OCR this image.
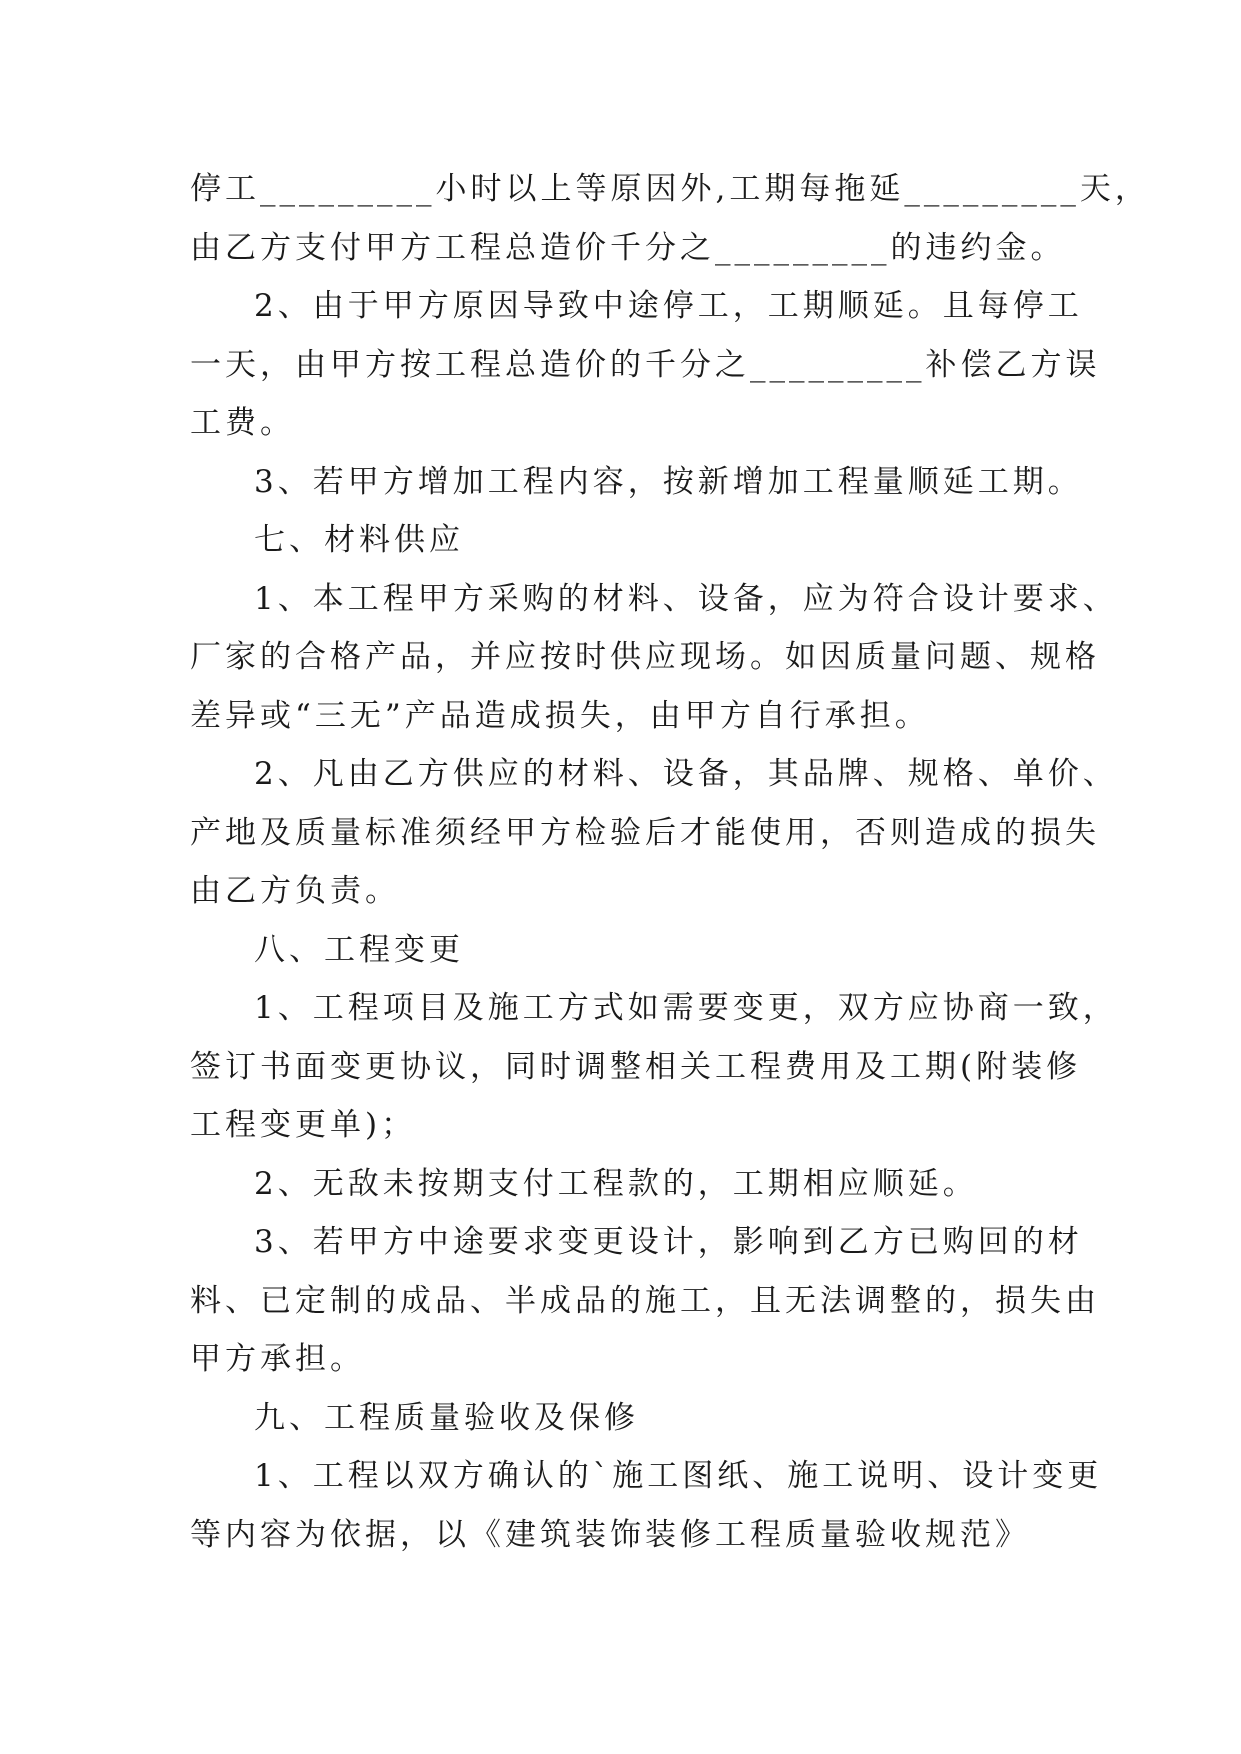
停工_________小时以上等原因外,工期每拖延_________天，
由乙方支付甲方工程总造价千分之_________的违约金。
2、由于甲方原因导致中途停工，工期顺延。且每停工
一天，由甲方按工程总造价的千分之_________补偿乙方误
工费。
3、若甲方增加工程内容，按新增加工程量顺延工期。
七、材料供应
1、本工程甲方采购的材料、设备，应为符合设计要求、
厂家的合格产品，并应按时供应现场。如因质量问题、规格
差异或“三无”产品造成损失，由甲方自行承担。
2、凡由乙方供应的材料、设备，其品牌、规格、单价、
产地及质量标准须经甲方检验后才能使用，否则造成的损失
由乙方负责。
八、工程变更
1、工程项目及施工方式如需要变更，双方应协商一致，
签订书面变更协议，同时调整相关工程费用及工期(附装修
工程变更单)；
2、无敌未按期支付工程款的，工期相应顺延。
3、若甲方中途要求变更设计，影响到乙方已购回的材
料、已定制的成品、半成品的施工，且无法调整的，损失由
甲方承担。
九、工程质量验收及保修
1、工程以双方确认的`施工图纸、施工说明、设计变更
等内容为依据，以《建筑装饰装修工程质量验收规范》
